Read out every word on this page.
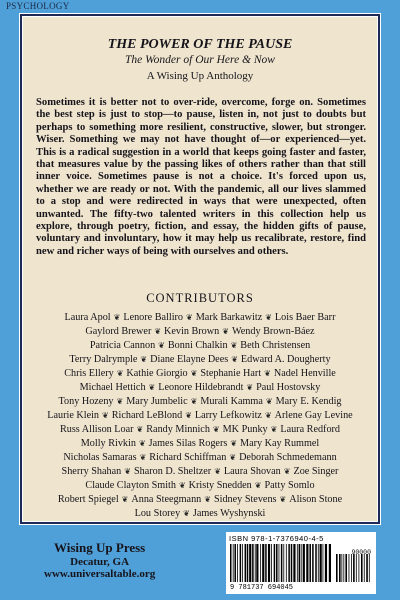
PSYCHOLOGY
THE POWER OF THE PAUSE
The Wonder of Our Here & Now
A Wising Up Anthology
Sometimes it is better not to over-ride, overcome, forge on. Sometimes the best step is just to stop—to pause, listen in, not just to doubts but perhaps to something more resilient, constructive, slower, but stronger. Wiser. Something we may not have thought of—or experienced—yet. This is a radical suggestion in a world that keeps going faster and faster, that measures value by the passing likes of others rather than that still inner voice. Sometimes pause is not a choice. It's forced upon us, whether we are ready or not. With the pandemic, all our lives slammed to a stop and were redirected in ways that were unexpected, often unwanted. The fifty-two talented writers in this collection help us explore, through poetry, fiction, and essay, the hidden gifts of pause, voluntary and involuntary, how it may help us recalibrate, restore, find new and richer ways of being with ourselves and others.
CONTRIBUTORS
Laura Apol ❦ Lenore Balliro ❦ Mark Barkawitz ❦ Lois Baer Barr
Gaylord Brewer ❦ Kevin Brown ❦ Wendy Brown-Báez
Patricia Cannon ❦ Bonni Chalkin ❦ Beth Christensen
Terry Dalrymple ❦ Diane Elayne Dees ❦ Edward A. Dougherty
Chris Ellery ❦ Kathie Giorgio ❦ Stephanie Hart ❦ Nadel Henville
Michael Hettich ❦ Leonore Hildebrandt ❦ Paul Hostovsky
Tony Hozeny ❦ Mary Jumbelic ❦ Murali Kamma ❦ Mary E. Kendig
Laurie Klein ❦ Richard LeBlond ❦ Larry Lefkowitz ❦ Arlene Gay Levine
Russ Allison Loar ❦ Randy Minnich ❦ MK Punky ❦ Laura Redford
Molly Rivkin ❦ James Silas Rogers ❦ Mary Kay Rummel
Nicholas Samaras ❦ Richard Schiffman ❦ Deborah Schmedemann
Sherry Shahan ❦ Sharon D. Sheltzer ❦ Laura Shovan ❦ Zoe Singer
Claude Clayton Smith ❦ Kristy Snedden ❦ Patty Somlo
Robert Spiegel ❦ Anna Steegmann ❦ Sidney Stevens ❦ Alison Stone
Lou Storey ❦ James Wyshynski
Wising Up Press
Decatur, GA
www.universaltable.org
ISBN 978-1-7376940-4-5
90000
9 781737 694045
